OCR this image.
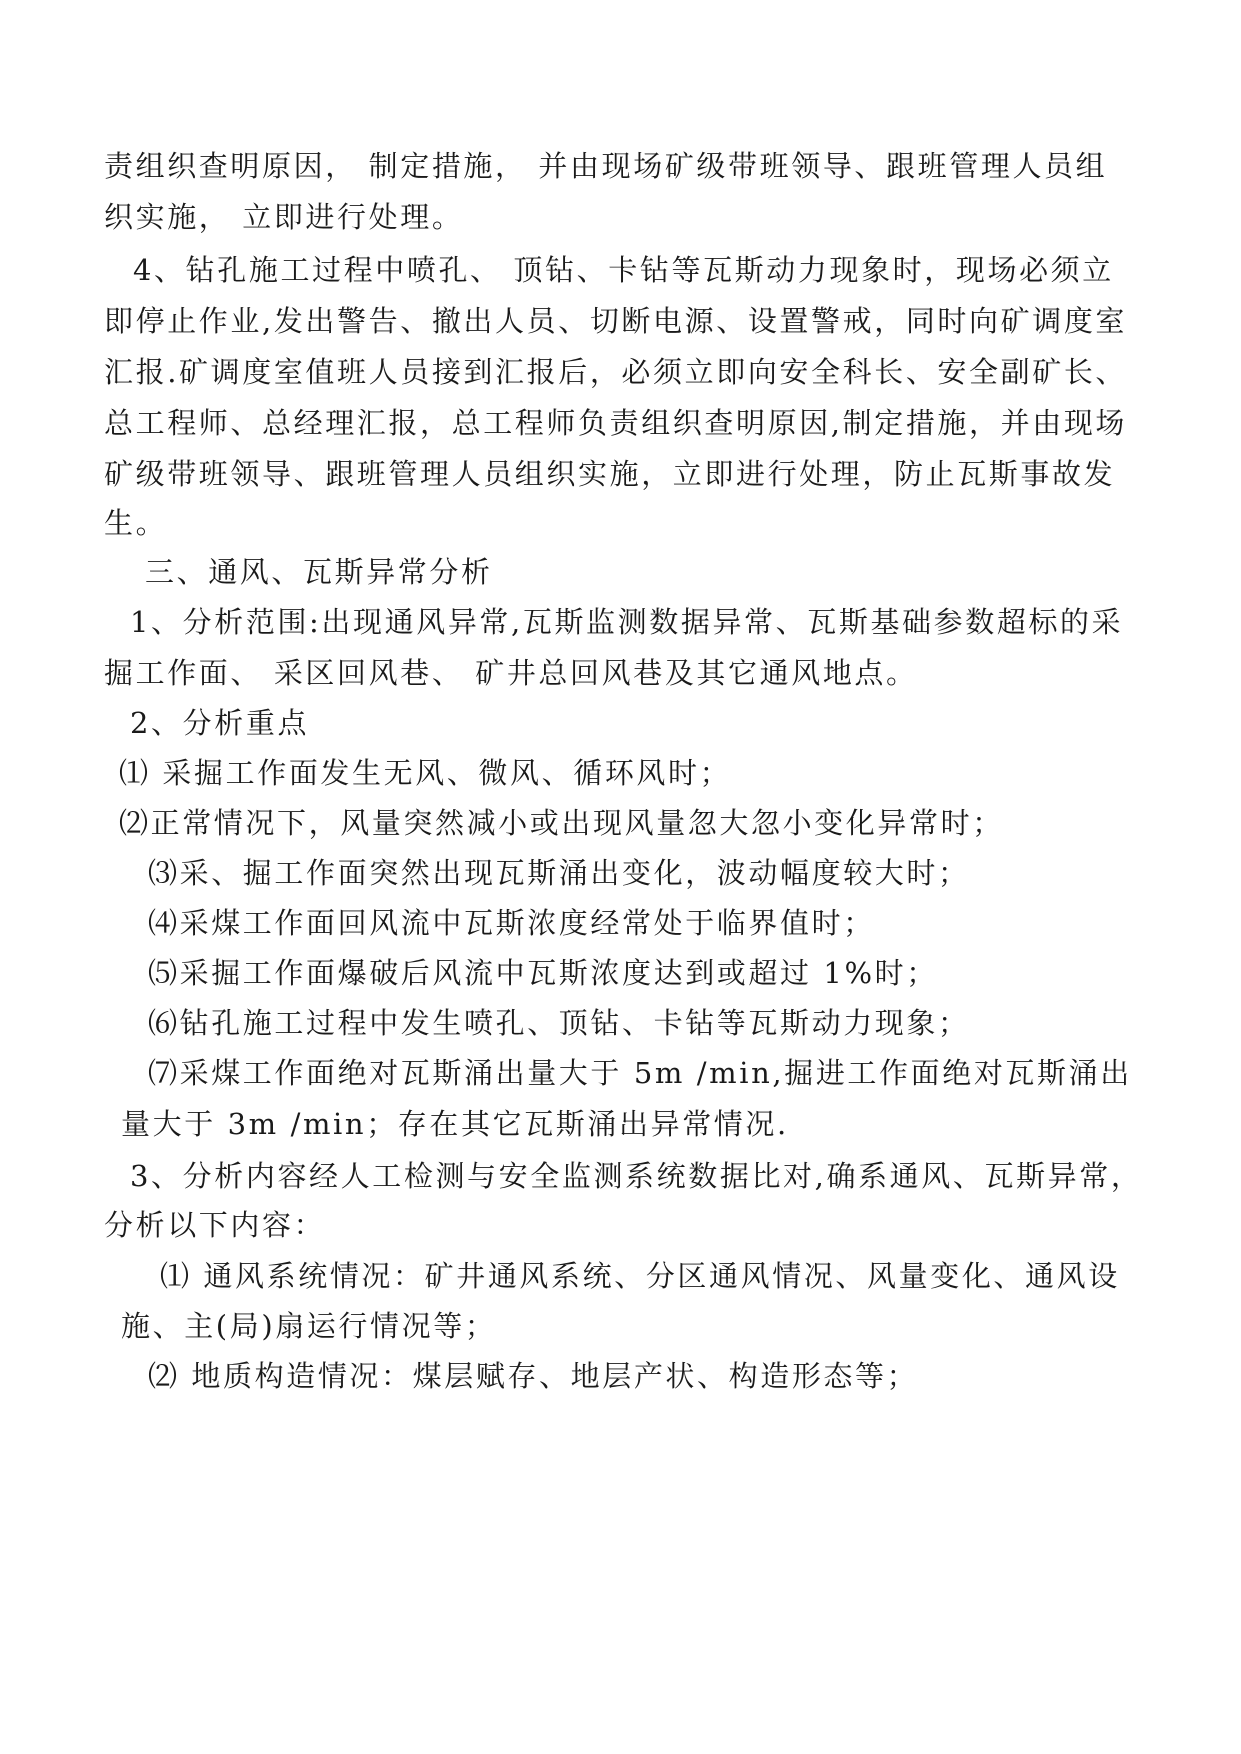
责组织查明原因， 制定措施， 并由现场矿级带班领导、跟班管理人员组

织实施， 立即进行处理。

4、钻孔施工过程中喷孔、 顶钻、卡钻等瓦斯动力现象时，现场必须立

即停止作业,发出警告、撤出人员、切断电源、设置警戒，同时向矿调度室

汇报.矿调度室值班人员接到汇报后，必须立即向安全科长、安全副矿长、

总工程师、总经理汇报，总工程师负责组织查明原因,制定措施，并由现场

矿级带班领导、跟班管理人员组织实施，立即进行处理，防止瓦斯事故发

生。

三、通风、瓦斯异常分析

1、分析范围:出现通风异常,瓦斯监测数据异常、瓦斯基础参数超标的采

掘工作面、 采区回风巷、 矿井总回风巷及其它通风地点。

2、分析重点

⑴ 采掘工作面发生无风、微风、循环风时；

⑵正常情况下，风量突然减小或出现风量忽大忽小变化异常时；

⑶采、掘工作面突然出现瓦斯涌出变化，波动幅度较大时；

⑷采煤工作面回风流中瓦斯浓度经常处于临界值时；

⑸采掘工作面爆破后风流中瓦斯浓度达到或超过 1%时；

⑹钻孔施工过程中发生喷孔、顶钻、卡钻等瓦斯动力现象；

⑺采煤工作面绝对瓦斯涌出量大于 5m /min,掘进工作面绝对瓦斯涌出

量大于 3m /min；存在其它瓦斯涌出异常情况.

3、分析内容经人工检测与安全监测系统数据比对,确系通风、瓦斯异常，

分析以下内容：

⑴ 通风系统情况：矿井通风系统、分区通风情况、风量变化、通风设

施、主(局)扇运行情况等；

⑵ 地质构造情况：煤层赋存、地层产状、构造形态等；
